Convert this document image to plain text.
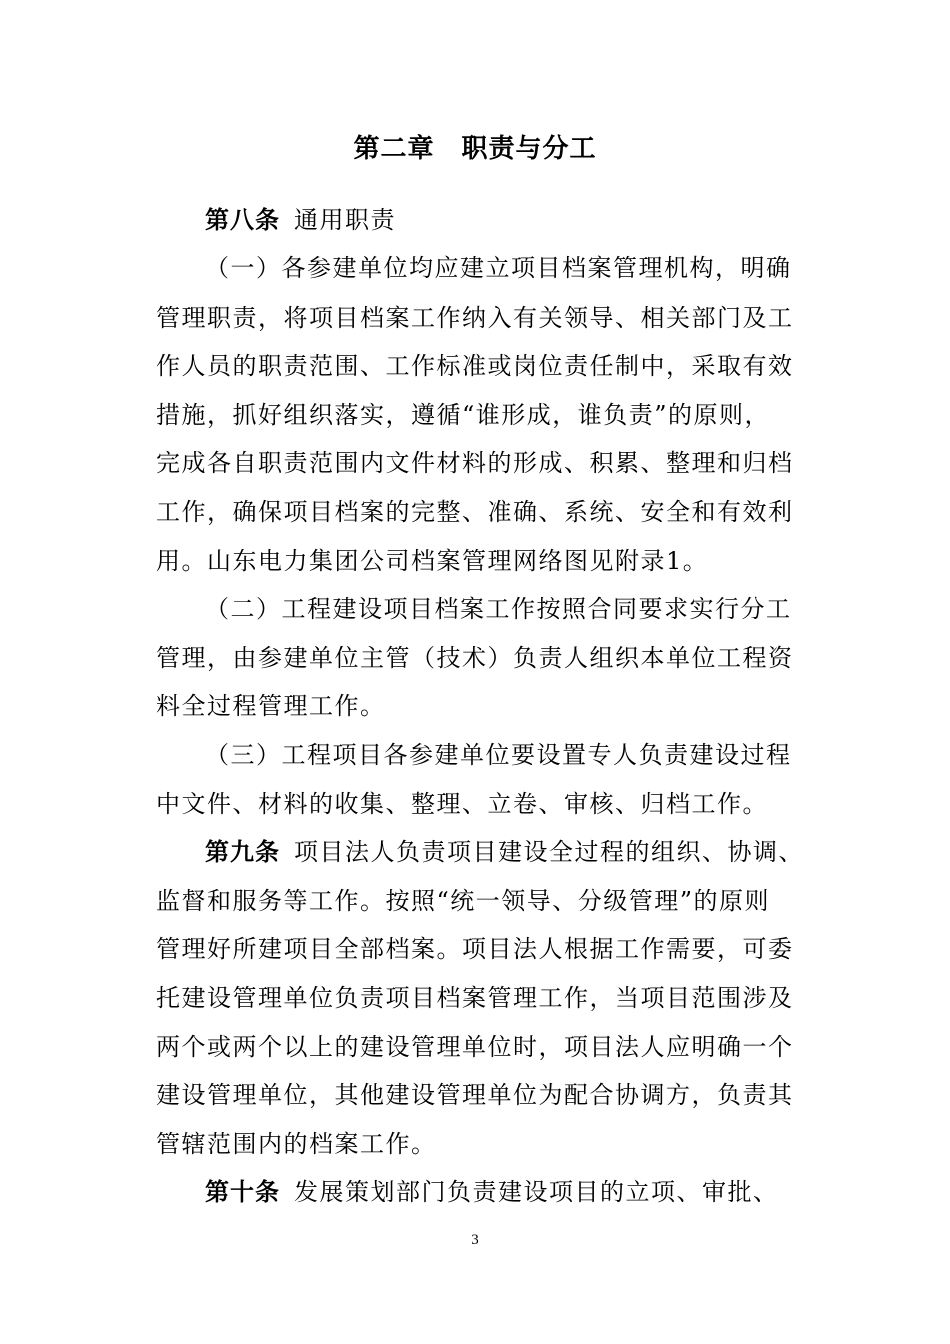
第二章　职责与分工
第八条 通用职责
（一）各参建单位均应建立项目档案管理机构，明确
管理职责，将项目档案工作纳入有关领导、相关部门及工
作人员的职责范围、工作标准或岗位责任制中，采取有效
措施，抓好组织落实，遵循“谁形成，谁负责”的原则，
完成各自职责范围内文件材料的形成、积累、整理和归档
工作，确保项目档案的完整、准确、系统、安全和有效利
用。山东电力集团公司档案管理网络图见附录1。
（二）工程建设项目档案工作按照合同要求实行分工
管理，由参建单位主管（技术）负责人组织本单位工程资
料全过程管理工作。
（三）工程项目各参建单位要设置专人负责建设过程
中文件、材料的收集、整理、立卷、审核、归档工作。
第九条 项目法人负责项目建设全过程的组织、协调、
监督和服务等工作。按照“统一领导、分级管理”的原则
管理好所建项目全部档案。项目法人根据工作需要，可委
托建设管理单位负责项目档案管理工作，当项目范围涉及
两个或两个以上的建设管理单位时，项目法人应明确一个
建设管理单位，其他建设管理单位为配合协调方，负责其
管辖范围内的档案工作。
第十条 发展策划部门负责建设项目的立项、审批、
3
